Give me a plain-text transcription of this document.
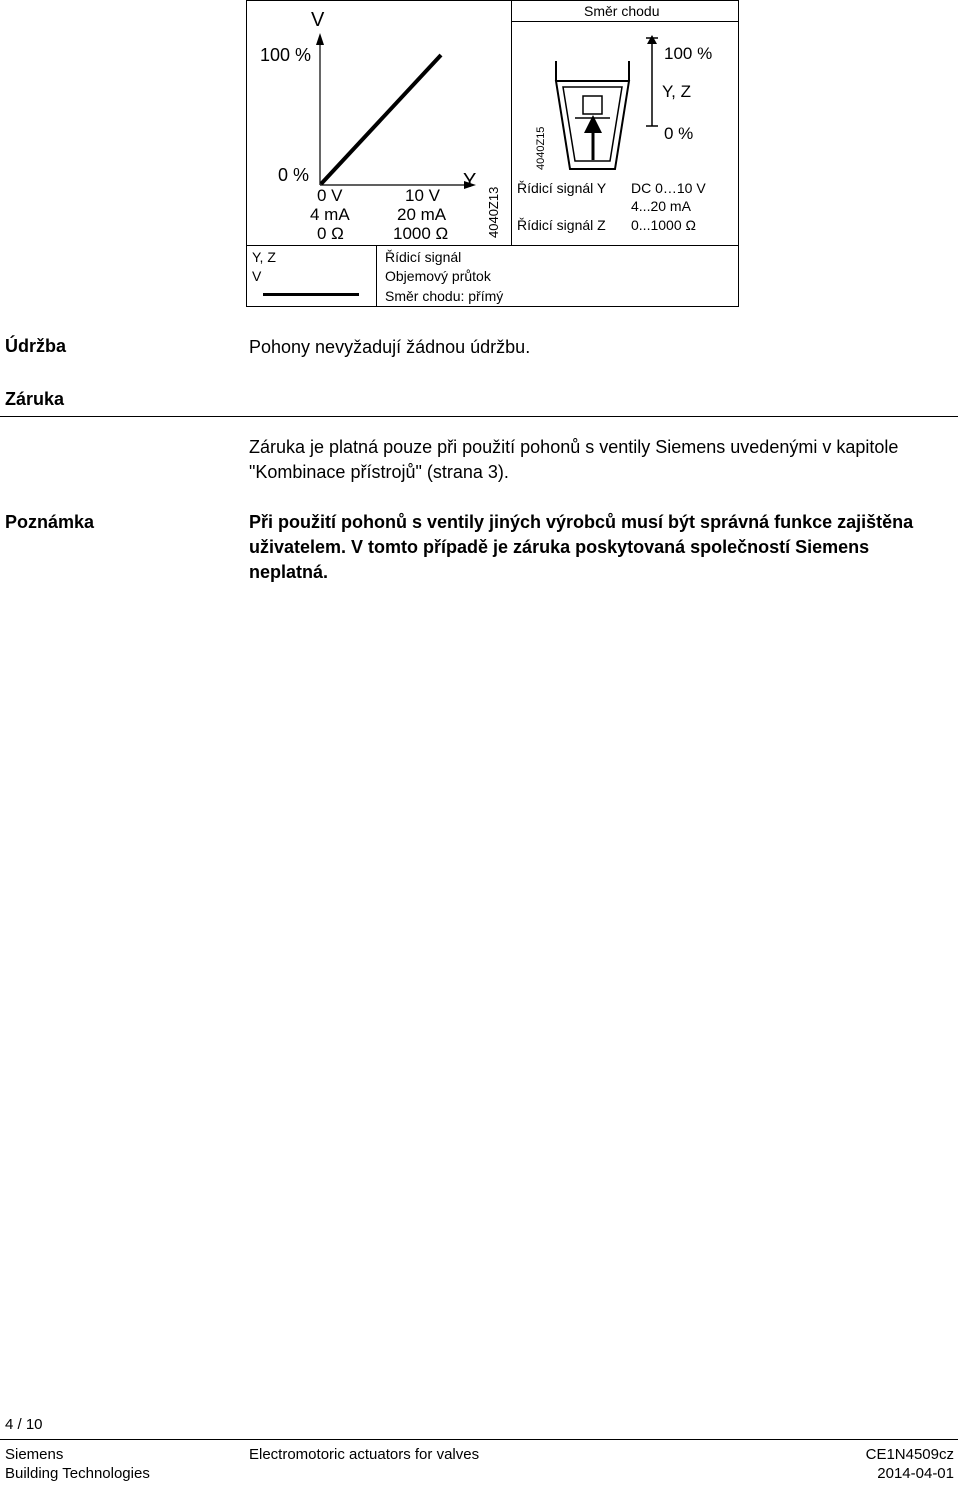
V
100 %
0 %	Y
0 V
4 mA
0 Ω
10 V
20 mA
1000 Ω	4040Z13
Směr chodu
4040Z15
100 %
Y, Z
0 %
Řídicí signál Y DC 0…10 V
4...20 mA
Řídicí signál Z 0...1000 Ω
Y, Z	Řídicí signál
V	Objemový průtok
Směr chodu: přímý
Údržba	Pohony nevyžadují žádnou údržbu.
Záruka
Záruka je platná pouze při použití pohonů s ventily Siemens uvedenými v kapitole "Kombinace přístrojů" (strana 3).
Poznámka	Při použití pohonů s ventily jiných výrobců musí být správná funkce zajištěna uživatelem. V tomto případě je záruka poskytovaná společností Siemens neplatná.
4 / 10
Siemens
Building Technologies
Electromotoric actuators for valves	CE1N4509cz
2014-04-01
